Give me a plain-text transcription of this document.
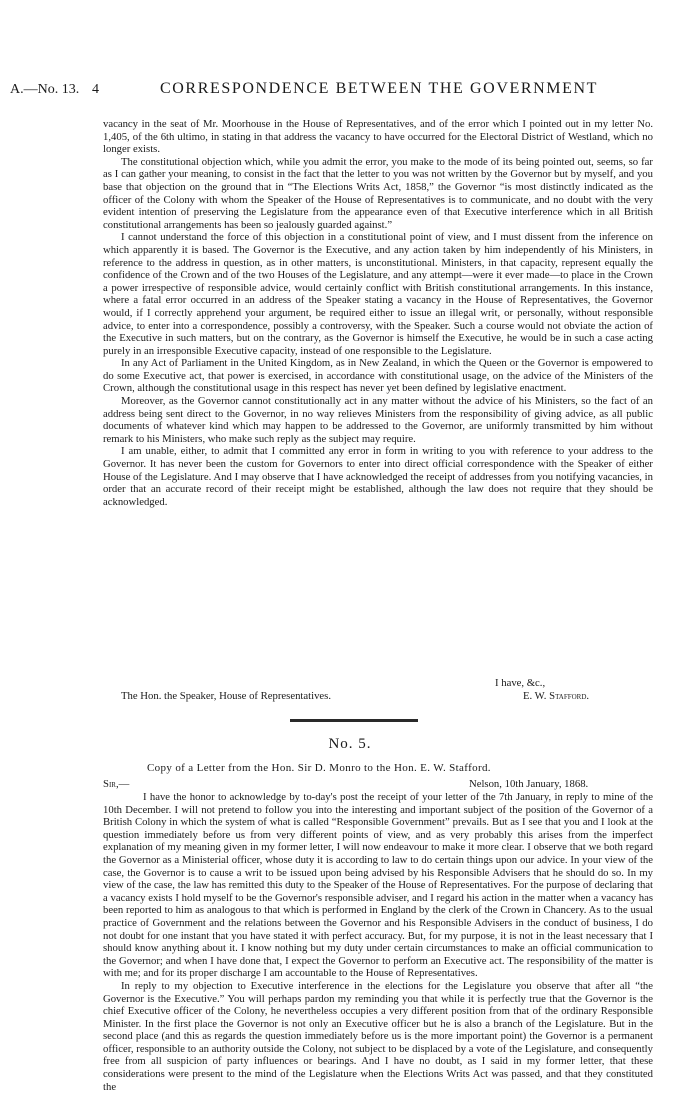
A.—No. 13. 4	CORRESPONDENCE BETWEEN THE GOVERNMENT

vacancy in the seat of Mr. Moorhouse in the House of Representatives, and of the error which I pointed out in my letter No. 1,405, of the 6th ultimo, in stating in that address the vacancy to have occurred for the Electoral District of Westland, which no longer exists.

The constitutional objection which, while you admit the error, you make to the mode of its being pointed out, seems, so far as I can gather your meaning, to consist in the fact that the letter to you was not written by the Governor but by myself, and you base that objection on the ground that in “The Elections Writs Act, 1858,” the Governor “is most distinctly indicated as the officer of the Colony with whom the Speaker of the House of Representatives is to communicate, and no doubt with the very evident intention of preserving the Legislature from the appearance even of that Executive interference which in all British constitutional arrangements has been so jealously guarded against.”

I cannot understand the force of this objection in a constitutional point of view, and I must dissent from the inference on which apparently it is based. The Governor is the Executive, and any action taken by him independently of his Ministers, in reference to the address in question, as in other matters, is unconstitutional. Ministers, in that capacity, represent equally the confidence of the Crown and of the two Houses of the Legislature, and any attempt—were it ever made—to place in the Crown a power irrespective of responsible advice, would certainly conflict with British constitutional arrangements. In this instance, where a fatal error occurred in an address of the Speaker stating a vacancy in the House of Representatives, the Governor would, if I correctly apprehend your argument, be required either to issue an illegal writ, or personally, without responsible advice, to enter into a correspondence, possibly a controversy, with the Speaker. Such a course would not obviate the action of the Executive in such matters, but on the contrary, as the Governor is himself the Executive, he would be in such a case acting purely in an irresponsible Executive capacity, instead of one responsible to the Legislature.

In any Act of Parliament in the United Kingdom, as in New Zealand, in which the Queen or the Governor is empowered to do some Executive act, that power is exercised, in accordance with constitutional usage, on the advice of the Ministers of the Crown, although the constitutional usage in this respect has never yet been defined by legislative enactment.

Moreover, as the Governor cannot constitutionally act in any matter without the advice of his Ministers, so the fact of an address being sent direct to the Governor, in no way relieves Ministers from the responsibility of giving advice, as all public documents of whatever kind which may happen to be addressed to the Governor, are uniformly transmitted by him without remark to his Ministers, who make such reply as the subject may require.

I am unable, either, to admit that I committed any error in form in writing to you with reference to your address to the Governor. It has never been the custom for Governors to enter into direct official correspondence with the Speaker of either House of the Legislature. And I may observe that I have acknowledged the receipt of addresses from you notifying vacancies, in order that an accurate record of their receipt might be established, although the law does not require that they should be acknowledged.

I have, &c.,
The Hon. the Speaker, House of Representatives.	E. W. Stafford.
No. 5.
Copy of a Letter from the Hon. Sir D. Monro to the Hon. E. W. Stafford.
Sir,—	Nelson, 10th January, 1868.

I have the honor to acknowledge by to-day's post the receipt of your letter of the 7th January, in reply to mine of the 10th December. I will not pretend to follow you into the interesting and important subject of the position of the Governor of a British Colony in which the system of what is called “Responsible Government” prevails. But as I see that you and I look at the question immediately before us from very different points of view, and as very probably this arises from the imperfect explanation of my meaning given in my former letter, I will now endeavour to make it more clear. I observe that we both regard the Governor as a Ministerial officer, whose duty it is according to law to do certain things upon our advice. In your view of the case, the Governor is to cause a writ to be issued upon being advised by his Responsible Advisers that he should do so. In my view of the case, the law has remitted this duty to the Speaker of the House of Representatives. For the purpose of declaring that a vacancy exists I hold myself to be the Governor's responsible adviser, and I regard his action in the matter when a vacancy has been reported to him as analogous to that which is performed in England by the clerk of the Crown in Chancery. As to the usual practice of Government and the relations between the Governor and his Responsible Advisers in the conduct of business, I do not doubt for one instant that you have stated it with perfect accuracy. But, for my purpose, it is not in the least necessary that I should know anything about it. I know nothing but my duty under certain circumstances to make an official communication to the Governor; and when I have done that, I expect the Governor to perform an Executive act. The responsibility of the matter is with me; and for its proper discharge I am accountable to the House of Representatives.

In reply to my objection to Executive interference in the elections for the Legislature you observe that after all “the Governor is the Executive.” You will perhaps pardon my reminding you that while it is perfectly true that the Governor is the chief Executive officer of the Colony, he nevertheless occupies a very different position from that of the ordinary Responsible Minister. In the first place the Governor is not only an Executive officer but he is also a branch of the Legislature. But in the second place (and this as regards the question immediately before us is the more important point) the Governor is a permanent officer, responsible to an authority outside the Colony, not subject to be displaced by a vote of the Legislature, and consequently free from all suspicion of party influences or bearings. And I have no doubt, as I said in my former letter, that these considerations were present to the mind of the Legislature when the Elections Writs Act was passed, and that they constituted the
